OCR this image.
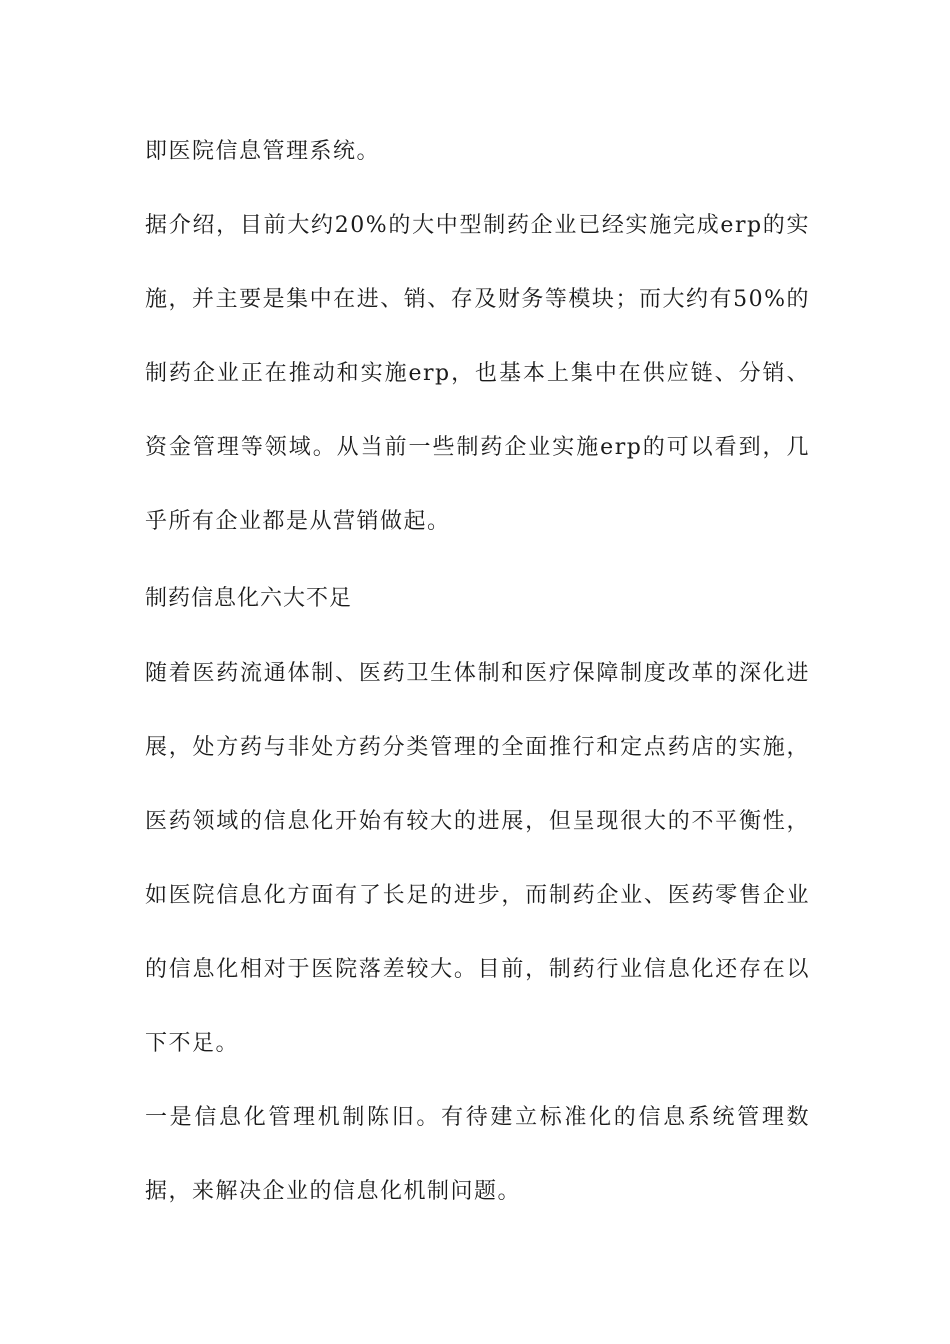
即医院信息管理系统。

据介绍，目前大约20%的大中型制药企业已经实施完成erp的实施，并主要是集中在进、销、存及财务等模块；而大约有50%的制药企业正在推动和实施erp，也基本上集中在供应链、分销、资金管理等领域。从当前一些制药企业实施erp的可以看到，几乎所有企业都是从营销做起。

制药信息化六大不足

随着医药流通体制、医药卫生体制和医疗保障制度改革的深化进展，处方药与非处方药分类管理的全面推行和定点药店的实施，医药领域的信息化开始有较大的进展，但呈现很大的不平衡性，如医院信息化方面有了长足的进步，而制药企业、医药零售企业的信息化相对于医院落差较大。目前，制药行业信息化还存在以下不足。

一是信息化管理机制陈旧。有待建立标准化的信息系统管理数据，来解决企业的信息化机制问题。
